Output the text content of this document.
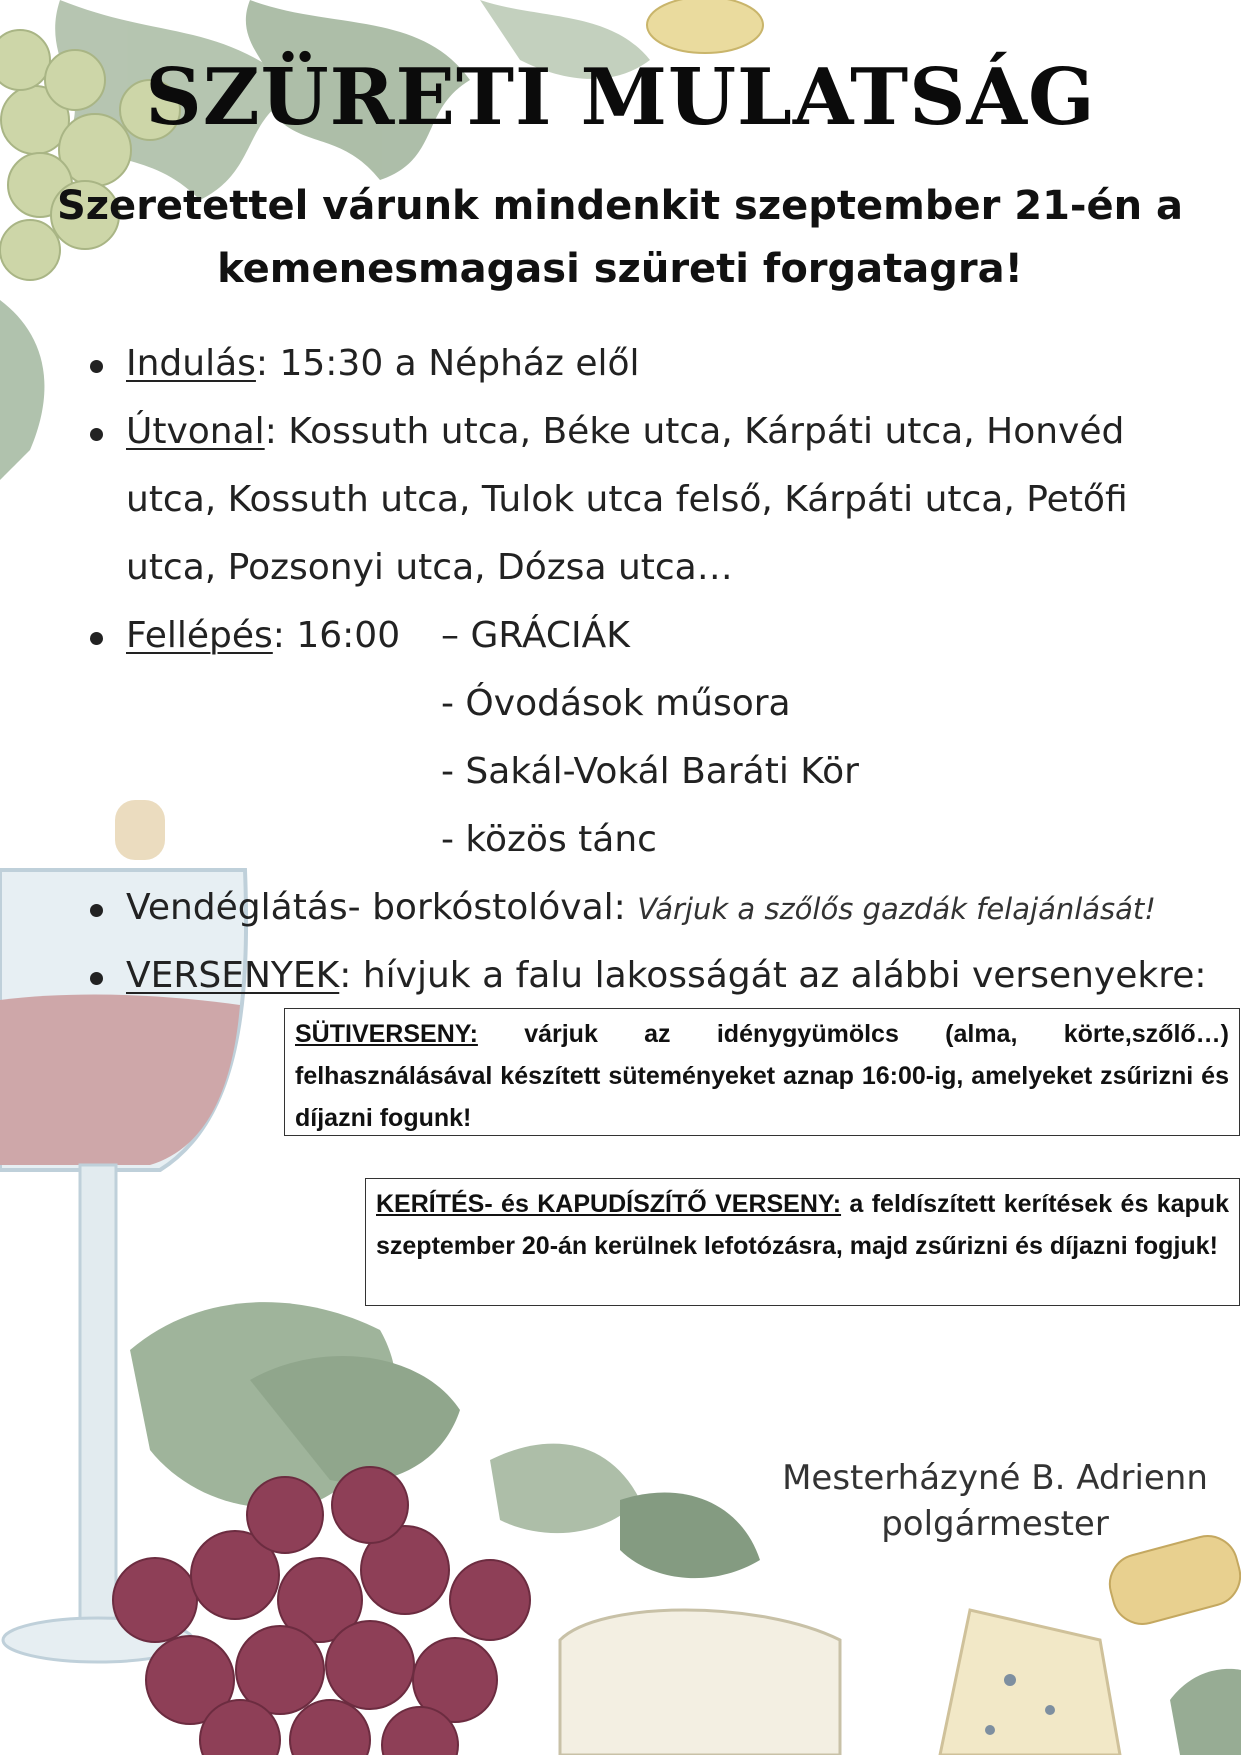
SZÜRETI MULATSÁG
Szeretettel várunk mindenkit szeptember 21-én a kemenesmagasi szüreti forgatagra!
Indulás: 15:30 a Népház elől
Útvonal: Kossuth utca, Béke utca, Kárpáti utca, Honvéd utca, Kossuth utca, Tulok utca felső, Kárpáti utca, Petőfi utca, Pozsonyi utca, Dózsa utca…
Fellépés: 16:00
Vendéglátás- borkóstolóval: Várjuk a szőlős gazdák felajánlását!
VERSENYEK: hívjuk a falu lakosságát az alábbi versenyekre:
– GRÁCIÁK
- Óvodások műsora
- Sakál-Vokál Baráti Kör
- közös tánc
SÜTIVERSENY: várjuk az idénygyümölcs (alma, körte,szőlő…) felhasználásával készített süteményeket aznap 16:00-ig, amelyeket zsűrizni és díjazni fogunk!
KERÍTÉS- és KAPUDÍSZÍTŐ VERSENY: a feldíszített kerítések és kapuk szeptember 20-án kerülnek lefotózásra, majd zsűrizni és díjazni fogjuk!
Mesterházyné B. Adrienn
polgármester
